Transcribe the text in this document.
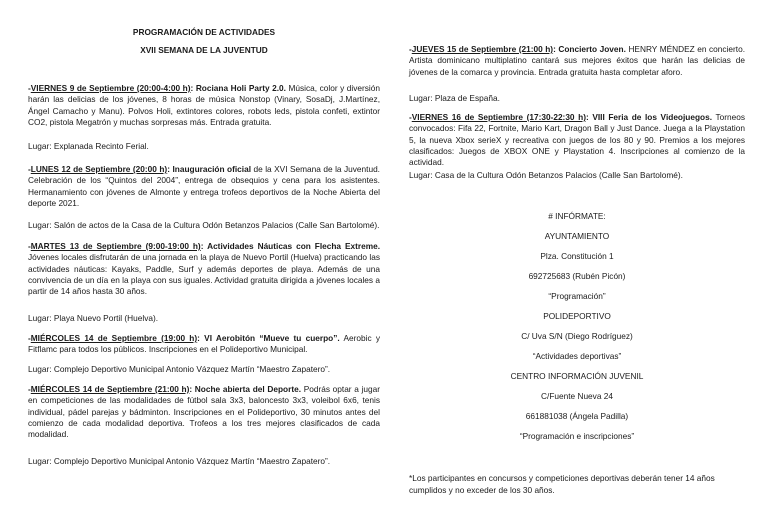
PROGRAMACIÓN DE ACTIVIDADES
XVII SEMANA DE LA JUVENTUD

-VIERNES 9 de Septiembre (20:00-4:00 h): Rociana Holi Party 2.0. Música, color y diversión harán las delicias de los jóvenes, 8 horas de música Nonstop (Vinary, SosaDj, J.Martínez, Ángel Camacho y Manu). Polvos Holi, extintores colores, robots leds, pistola confeti, extintor CO2, pistola Megatrón y muchas sorpresas más. Entrada gratuita.

Lugar: Explanada Recinto Ferial.

-LUNES 12 de Septiembre (20:00 h): Inauguración oficial de la XVI Semana de la Juventud. Celebración de los “Quintos del 2004”, entrega de obsequios y cena para los asistentes. Hermanamiento con jóvenes de Almonte y entrega trofeos deportivos de la Noche Abierta del deporte 2021.

Lugar: Salón de actos de la Casa de la Cultura Odón Betanzos Palacios (Calle San Bartolomé).

-MARTES 13 de Septiembre (9:00-19:00 h): Actividades Náuticas con Flecha Extreme. Jóvenes locales disfrutarán de una jornada en la playa de Nuevo Portil (Huelva) practicando las actividades náuticas: Kayaks, Paddle, Surf y además deportes de playa. Además de una convivencia de un día en la playa con sus iguales. Actividad gratuita dirigida a jóvenes locales a partir de 14 años hasta 30 años.

Lugar: Playa Nuevo Portil (Huelva).

-MIÉRCOLES 14 de Septiembre (19:00 h): VI Aerobitón “Mueve tu cuerpo”. Aerobic y Fitflamc para todos los públicos. Inscripciones en el Polideportivo Municipal.

Lugar: Complejo Deportivo Municipal Antonio Vázquez Martín “Maestro Zapatero”.

-MIÉRCOLES 14 de Septiembre (21:00 h): Noche abierta del Deporte. Podrás optar a jugar en competiciones de las modalidades de fútbol sala 3x3, baloncesto 3x3, voleibol 6x6, tenis individual, pádel parejas y bádminton. Inscripciones en el Polideportivo, 30 minutos antes del comienzo de cada modalidad deportiva. Trofeos a los tres mejores clasificados de cada modalidad.

Lugar: Complejo Deportivo Municipal Antonio Vázquez Martín “Maestro Zapatero”.

-JUEVES 15 de Septiembre (21:00 h): Concierto Joven. HENRY MÉNDEZ en concierto. Artista dominicano multiplatino cantará sus mejores éxitos que harán las delicias de jóvenes de la comarca y provincia. Entrada gratuita hasta completar aforo.

Lugar: Plaza de España.

-VIERNES 16 de Septiembre (17:30-22:30 h): VIII Feria de los Videojuegos. Torneos convocados: Fifa 22, Fortnite, Mario Kart, Dragon Ball y Just Dance. Juega a la Playstation 5, la nueva Xbox serieX y recreativa con juegos de los 80 y 90. Premios a los mejores clasificados: Juegos de XBOX ONE y Playstation 4. Inscripciones al comienzo de la actividad.

Lugar: Casa de la Cultura Odón Betanzos Palacios (Calle San Bartolomé).

# INFÓRMATE:
AYUNTAMIENTO
Plza. Constitución 1
692725683 (Rubén Picón)
“Programación”
POLIDEPORTIVO
C/ Uva S/N (Diego Rodríguez)
“Actividades deportivas”
CENTRO INFORMACIÓN JUVENIL
C/Fuente Nueva 24
661881038 (Ángela Padilla)
“Programación e inscripciones”
*Los participantes en concursos y competiciones deportivas deberán tener 14 años cumplidos y no exceder de los 30 años.
